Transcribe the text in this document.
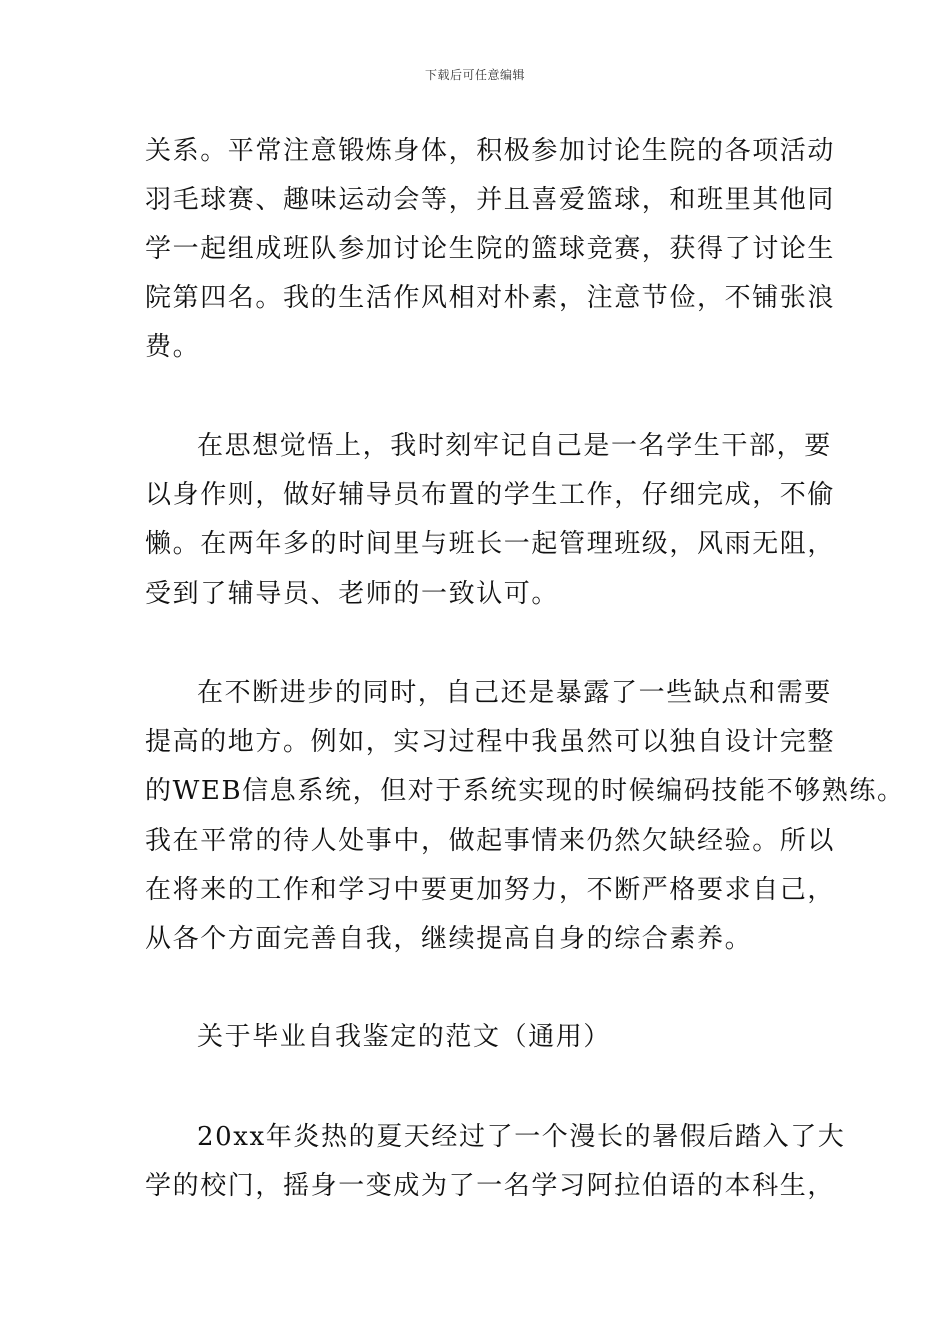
下载后可任意编辑
关系。平常注意锻炼身体，积极参加讨论生院的各项活动
羽毛球赛、趣味运动会等，并且喜爱篮球，和班里其他同
学一起组成班队参加讨论生院的篮球竞赛，获得了讨论生
院第四名。我的生活作风相对朴素，注意节俭，不铺张浪
费。
在思想觉悟上，我时刻牢记自己是一名学生干部，要
以身作则，做好辅导员布置的学生工作，仔细完成，不偷
懒。在两年多的时间里与班长一起管理班级，风雨无阻，
受到了辅导员、老师的一致认可。
在不断进步的同时，自己还是暴露了一些缺点和需要
提高的地方。例如，实习过程中我虽然可以独自设计完整
的WEB信息系统，但对于系统实现的时候编码技能不够熟练。
我在平常的待人处事中，做起事情来仍然欠缺经验。所以
在将来的工作和学习中要更加努力，不断严格要求自己，
从各个方面完善自我，继续提高自身的综合素养。
关于毕业自我鉴定的范文（通用）
20xx年炎热的夏天经过了一个漫长的暑假后踏入了大
学的校门，摇身一变成为了一名学习阿拉伯语的本科生，
